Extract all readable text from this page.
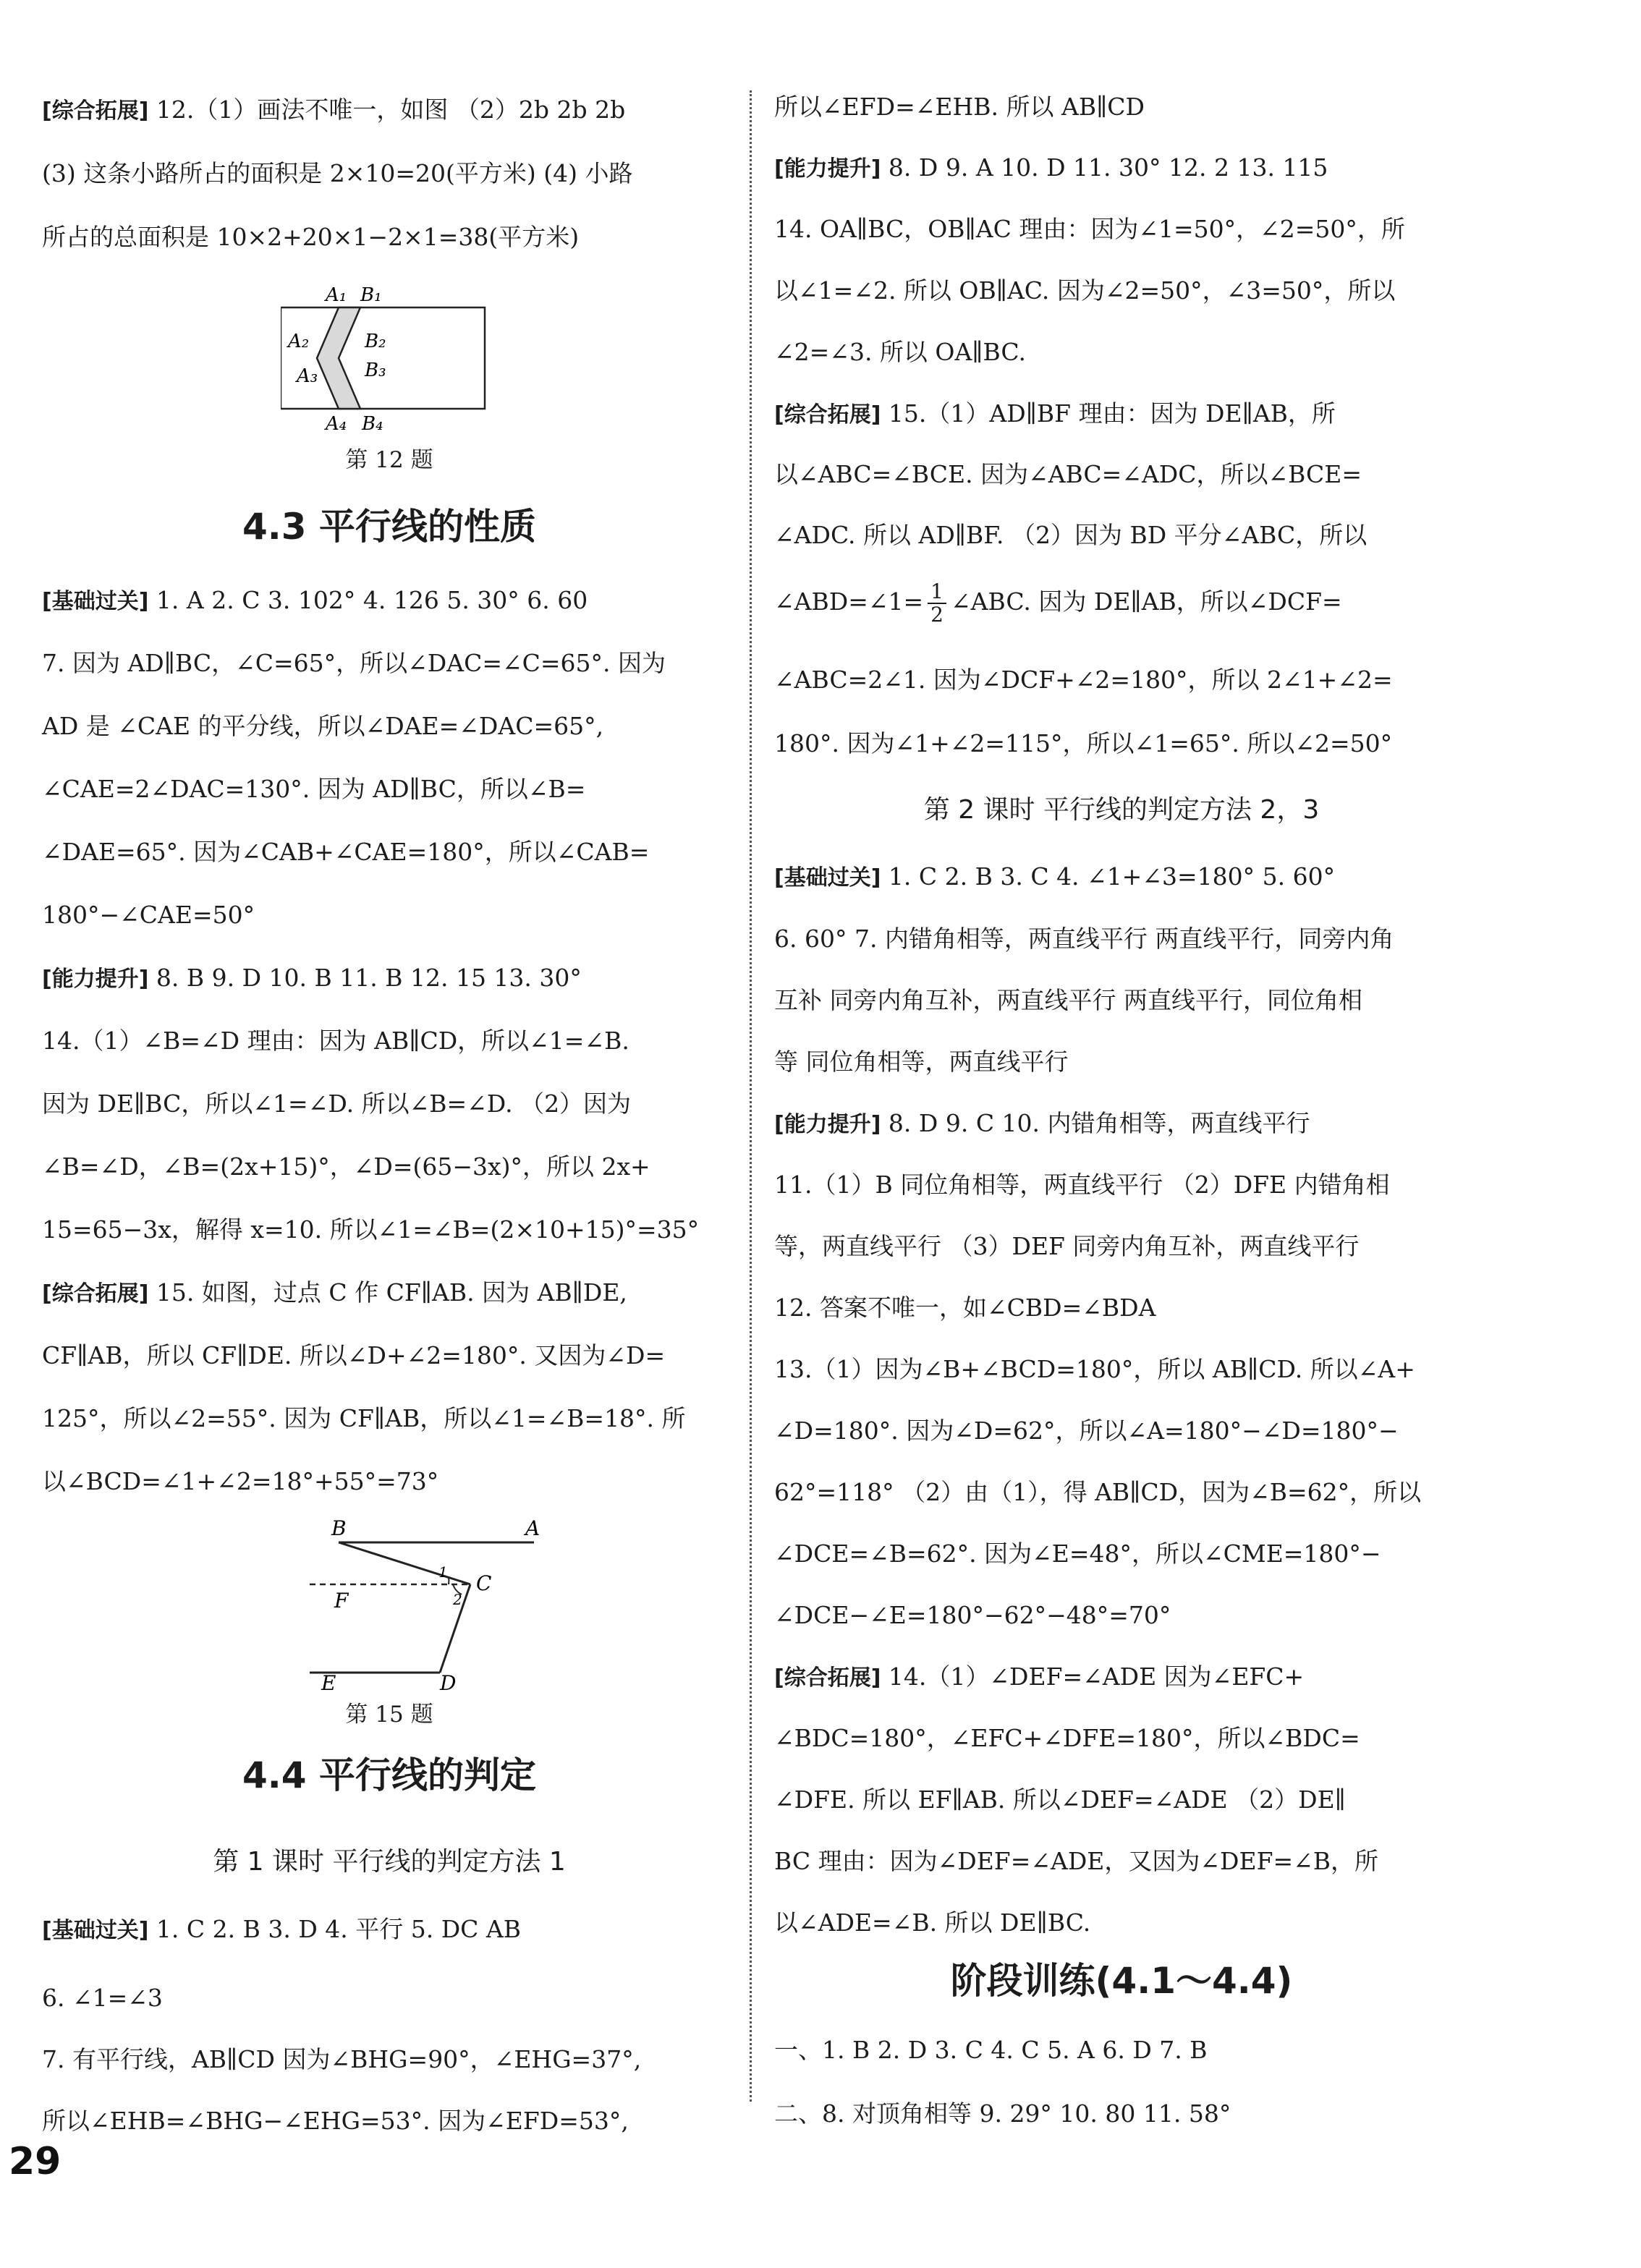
[综合拓展] 12.（1）画法不唯一，如图 （2）2b 2b 2b
(3) 这条小路所占的面积是 2×10=20(平方米) (4) 小路
所占的总面积是 10×2+20×1−2×1=38(平方米)
A₁ B₁
A₂	B₂
A₃ B₃
A₄ B₄
第 12 题
4.3 平行线的性质
[基础过关] 1. A 2. C 3. 102° 4. 126 5. 30° 6. 60
7. 因为 AD∥BC，∠C=65°，所以∠DAC=∠C=65°. 因为
AD 是 ∠CAE 的平分线，所以∠DAE=∠DAC=65°,
∠CAE=2∠DAC=130°. 因为 AD∥BC，所以∠B=
∠DAE=65°. 因为∠CAB+∠CAE=180°，所以∠CAB=
180°−∠CAE=50°
[能力提升] 8. B 9. D 10. B 11. B 12. 15 13. 30°
14.（1）∠B=∠D 理由：因为 AB∥CD，所以∠1=∠B.
因为 DE∥BC，所以∠1=∠D. 所以∠B=∠D. （2）因为
∠B=∠D，∠B=(2x+15)°，∠D=(65−3x)°，所以 2x+
15=65−3x，解得 x=10. 所以∠1=∠B=(2×10+15)°=35°
[综合拓展] 15. 如图，过点 C 作 CF∥AB. 因为 AB∥DE,
CF∥AB，所以 CF∥DE. 所以∠D+∠2=180°. 又因为∠D=
125°，所以∠2=55°. 因为 CF∥AB，所以∠1=∠B=18°. 所
以∠BCD=∠1+∠2=18°+55°=73°
B	A
F
C
E	D
1
2
第 15 题
4.4 平行线的判定
第 1 课时 平行线的判定方法 1
[基础过关] 1. C 2. B 3. D 4. 平行 5. DC AB
6. ∠1=∠3
7. 有平行线，AB∥CD 因为∠BHG=90°，∠EHG=37°,
所以∠EHB=∠BHG−∠EHG=53°. 因为∠EFD=53°,
所以∠EFD=∠EHB. 所以 AB∥CD
[能力提升] 8. D 9. A 10. D 11. 30° 12. 2 13. 115
14. OA∥BC，OB∥AC 理由：因为∠1=50°，∠2=50°，所
以∠1=∠2. 所以 OB∥AC. 因为∠2=50°，∠3=50°，所以
∠2=∠3. 所以 OA∥BC.
[综合拓展] 15.（1）AD∥BF 理由：因为 DE∥AB，所
以∠ABC=∠BCE. 因为∠ABC=∠ADC，所以∠BCE=
∠ADC. 所以 AD∥BF. （2）因为 BD 平分∠ABC，所以
∠ABD=∠1= $\frac{1}{2}$ ∠ABC. 因为 DE∥AB，所以∠DCF=
∠ABC=2∠1. 因为∠DCF+∠2=180°，所以 2∠1+∠2=
180°. 因为∠1+∠2=115°，所以∠1=65°. 所以∠2=50°
第 2 课时 平行线的判定方法 2，3
[基础过关] 1. C 2. B 3. C 4. ∠1+∠3=180° 5. 60°
6. 60° 7. 内错角相等，两直线平行 两直线平行，同旁内角
互补 同旁内角互补，两直线平行 两直线平行，同位角相
等 同位角相等，两直线平行
[能力提升] 8. D 9. C 10. 内错角相等，两直线平行
11.（1）B 同位角相等，两直线平行 （2）DFE 内错角相
等，两直线平行 （3）DEF 同旁内角互补，两直线平行
12. 答案不唯一，如∠CBD=∠BDA
13.（1）因为∠B+∠BCD=180°，所以 AB∥CD. 所以∠A+
∠D=180°. 因为∠D=62°，所以∠A=180°−∠D=180°−
62°=118° （2）由（1），得 AB∥CD，因为∠B=62°，所以
∠DCE=∠B=62°. 因为∠E=48°，所以∠CME=180°−
∠DCE−∠E=180°−62°−48°=70°
[综合拓展] 14.（1）∠DEF=∠ADE 因为∠EFC+
∠BDC=180°，∠EFC+∠DFE=180°，所以∠BDC=
∠DFE. 所以 EF∥AB. 所以∠DEF=∠ADE （2）DE∥
BC 理由：因为∠DEF=∠ADE，又因为∠DEF=∠B，所
以∠ADE=∠B. 所以 DE∥BC.
阶段训练(4.1～4.4)
一、1. B 2. D 3. C 4. C 5. A 6. D 7. B
二、8. 对顶角相等 9. 29° 10. 80 11. 58°
29
